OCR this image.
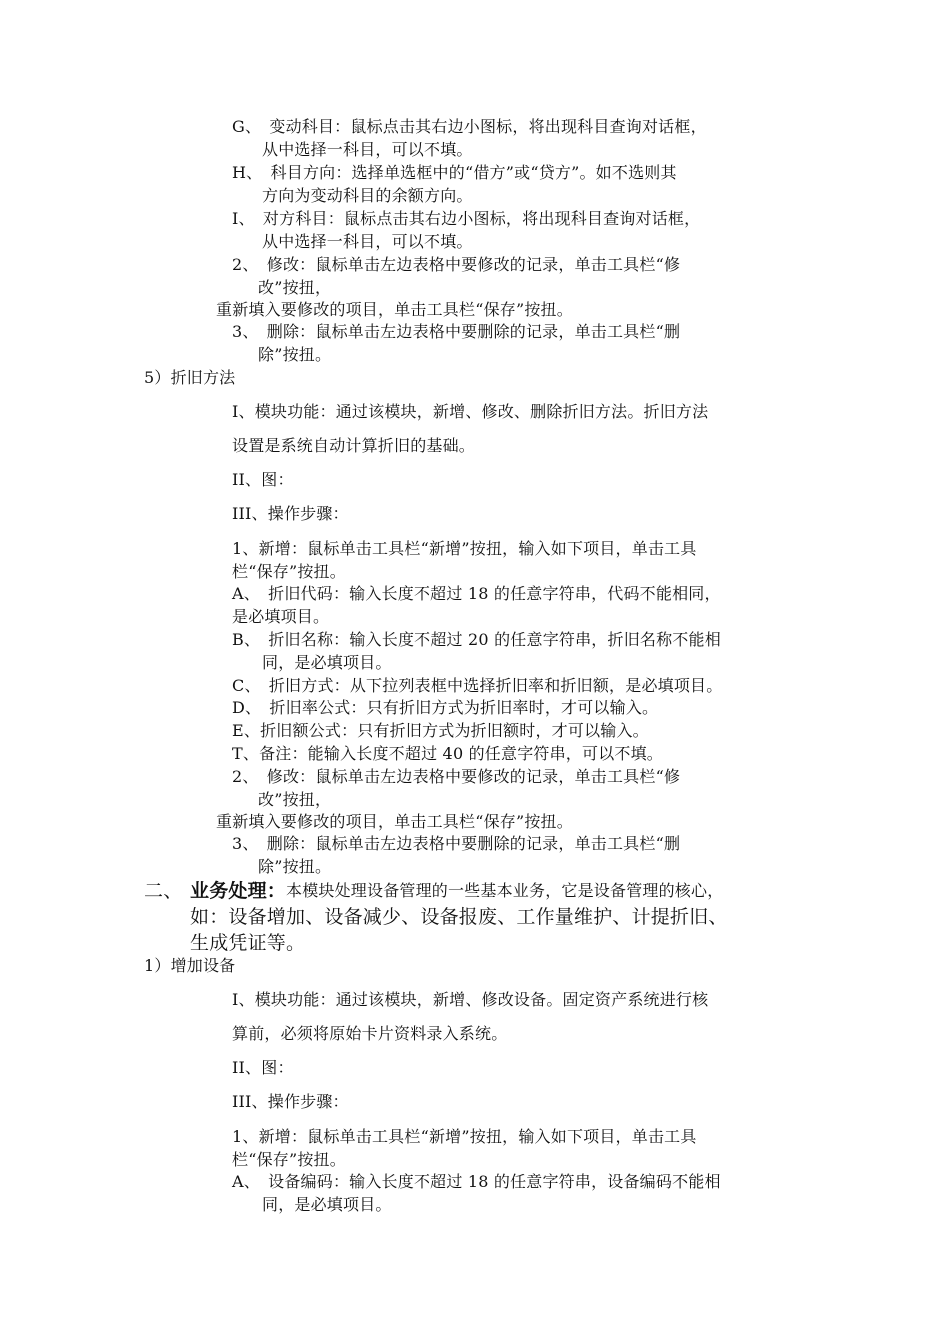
G、　变动科目：鼠标点击其右边小图标，将出现科目查询对话框，
从中选择一科目，可以不填。
H、　科目方向：选择单选框中的“借方”或“贷方”。如不选则其
方向为变动科目的余额方向。
I、　对方科目：鼠标点击其右边小图标，将出现科目查询对话框，
从中选择一科目，可以不填。
2、　修改：鼠标单击左边表格中要修改的记录，单击工具栏“修
改”按扭，
重新填入要修改的项目，单击工具栏“保存”按扭。
3、　删除：鼠标单击左边表格中要删除的记录，单击工具栏“删
除”按扭。
5）折旧方法
I、模块功能：通过该模块，新增、修改、删除折旧方法。折旧方法
设置是系统自动计算折旧的基础。
II、图：
III、操作步骤：
1、新增：鼠标单击工具栏“新增”按扭，输入如下项目，单击工具
栏“保存”按扭。
A、　折旧代码：输入长度不超过 18 的任意字符串，代码不能相同，
是必填项目。
B、　折旧名称：输入长度不超过 20 的任意字符串，折旧名称不能相
同，是必填项目。
C、　折旧方式：从下拉列表框中选择折旧率和折旧额，是必填项目。
D、　折旧率公式：只有折旧方式为折旧率时，才可以输入。
E、折旧额公式：只有折旧方式为折旧额时，才可以输入。
T、备注：能输入长度不超过 40 的任意字符串，可以不填。
2、　修改：鼠标单击左边表格中要修改的记录，单击工具栏“修
改”按扭，
重新填入要修改的项目，单击工具栏“保存”按扭。
3、　删除：鼠标单击左边表格中要删除的记录，单击工具栏“删
除”按扭。
二、 业务处理： 本模块处理设备管理的一些基本业务，它是设备管理的核心，
如：设备增加、设备减少、设备报废、工作量维护、计提折旧、
生成凭证等。
1）增加设备
I、模块功能：通过该模块，新增、修改设备。固定资产系统进行核
算前，必须将原始卡片资料录入系统。
II、图：
III、操作步骤：
1、新增：鼠标单击工具栏“新增”按扭，输入如下项目，单击工具
栏“保存”按扭。
A、　设备编码：输入长度不超过 18 的任意字符串，设备编码不能相
同，是必填项目。
